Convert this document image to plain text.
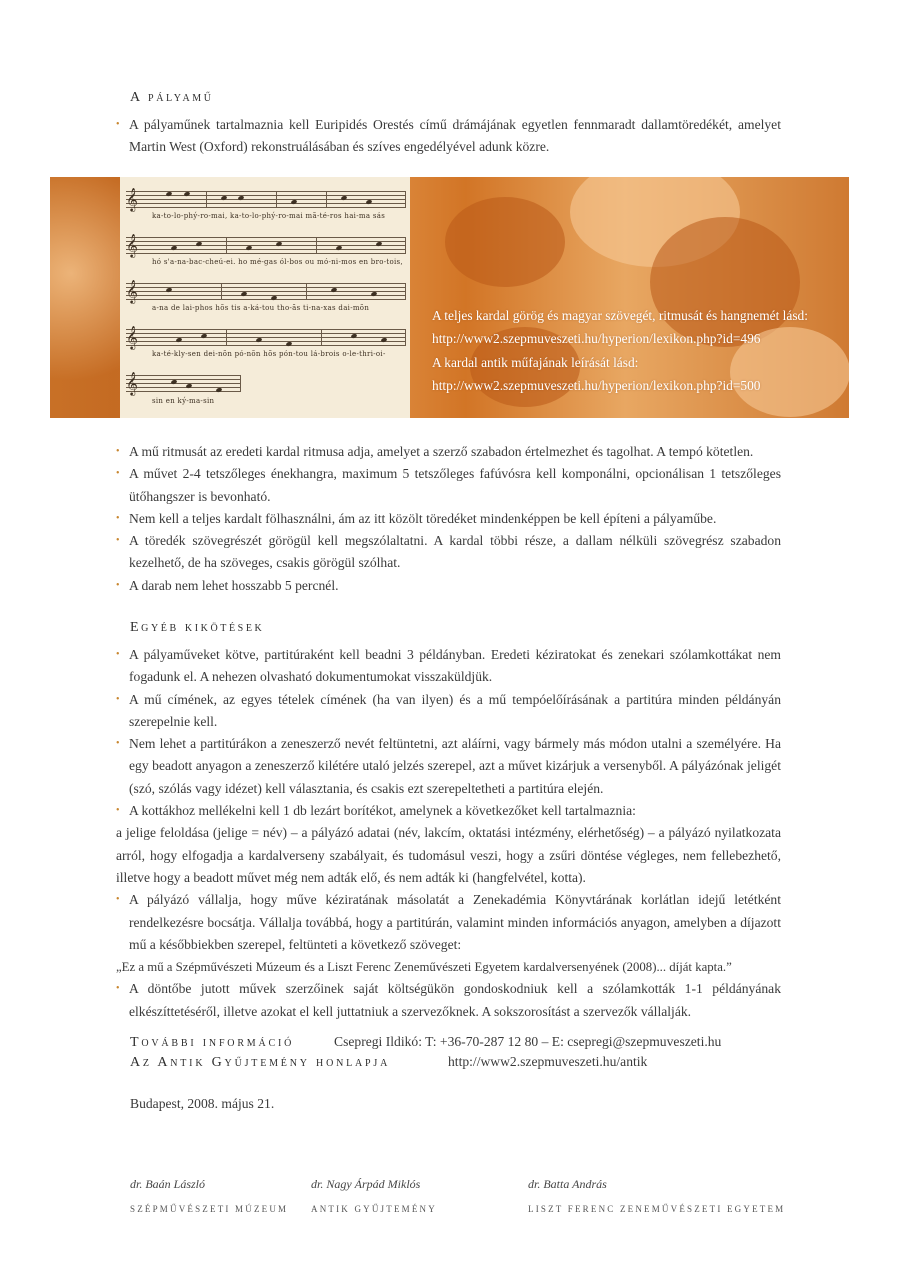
A pályamű
• A pályaműnek tartalmaznia kell Euripidés Orestés című drámájának egyetlen fennmaradt dallamtöredékét, amelyet Martin West (Oxford) rekonstruálásában és szíves engedélyével adunk közre.
𝄞
ka-to-lo-phý-ro-mai, ka-to-lo-phý-ro-mai mã-té-ros hai-ma sás
𝄞
hó s'a-na-bac-cheú-ei. ho mé-gas ól-bos ou mó-ni-mos en bro-tois,
𝄞
a-na de lai-phos hõs tis a-ká-tou tho-ãs ti-na-xas dai-mõn
𝄞
ka-té-kly-sen dei-nõn pó-nõn hõs pón-tou lá-brois o-le-thri-oi-
𝄞
sin en ký-ma-sin
A teljes kardal görög és magyar szövegét, ritmusát és hangnemét lásd:
http://www2.szepmuveszeti.hu/hyperion/lexikon.php?id=496
A kardal antik műfajának leírását lásd:
http://www2.szepmuveszeti.hu/hyperion/lexikon.php?id=500
• A mű ritmusát az eredeti kardal ritmusa adja, amelyet a szerző szabadon értelmezhet és tagolhat. A tempó kötetlen.
• A művet 2-4 tetszőleges énekhangra, maximum 5 tetszőleges fafúvósra kell komponálni, opcionálisan 1 tetszőleges ütőhangszer is bevonható.
• Nem kell a teljes kardalt fölhasználni, ám az itt közölt töredéket mindenképpen be kell építeni a pályaműbe.
• A töredék szövegrészét görögül kell megszólaltatni. A kardal többi része, a dallam nélküli szövegrész szabadon kezelhető, de ha szöveges, csakis görögül szólhat.
• A darab nem lehet hosszabb 5 percnél.
Egyéb kikötések
• A pályaműveket kötve, partitúraként kell beadni 3 példányban. Eredeti kéziratokat és zenekari szólamkottákat nem fogadunk el. A nehezen olvasható dokumentumokat visszaküldjük.
• A mű címének, az egyes tételek címének (ha van ilyen) és a mű tempóelőírásának a partitúra minden példányán szerepelnie kell.
• Nem lehet a partitúrákon a zeneszerző nevét feltüntetni, azt aláírni, vagy bármely más módon utalni a személyére. Ha egy beadott anyagon a zeneszerző kilétére utaló jelzés szerepel, azt a művet kizárjuk a versenyből. A pályázónak jeligét (szó, szólás vagy idézet) kell választania, és csakis ezt szerepeltetheti a partitúra elején.
• A kottákhoz mellékelni kell 1 db lezárt borítékot, amelynek a következőket kell tartalmaznia:
a jelige feloldása (jelige = név) – a pályázó adatai (név, lakcím, oktatási intézmény, elérhetőség) – a pályázó nyilatkozata arról, hogy elfogadja a kardalverseny szabályait, és tudomásul veszi, hogy a zsűri döntése végleges, nem fellebezhető, illetve hogy a beadott művet még nem adták elő, és nem adták ki (hangfelvétel, kotta).
• A pályázó vállalja, hogy műve kéziratának másolatát a Zenekadémia Könyvtárának korlátlan idejű letétként rendelkezésre bocsátja. Vállalja továbbá, hogy a partitúrán, valamint minden információs anyagon, amelyben a díjazott mű a későbbiekben szerepel, feltünteti a következő szöveget:
„Ez a mű a Szépművészeti Múzeum és a Liszt Ferenc Zeneművészeti Egyetem kardalversenyének (2008)... díját kapta.”
• A döntőbe jutott művek szerzőinek saját költségükön gondoskodniuk kell a szólamkották 1-1 példányának elkészíttetéséről, illetve azokat el kell juttatniuk a szervezőknek. A sokszorosítást a szervezők vállalják.
További információ	Csepregi Ildikó: T: +36-70-287 12 80 – E: csepregi@szepmuveszeti.hu
Az Antik Gyűjtemény honlapja	http://www2.szepmuveszeti.hu/antik
Budapest, 2008. május 21.
dr. Baán László
SZÉPMŰVÉSZETI MÚZEUM
dr. Nagy Árpád Miklós
ANTIK GYŰJTEMÉNY
dr. Batta András
LISZT FERENC ZENEMŰVÉSZETI EGYETEM
